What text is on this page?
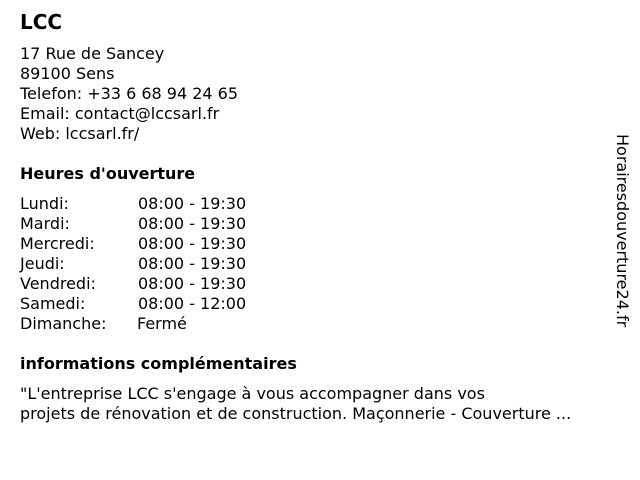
LCC
17 Rue de Sancey
89100 Sens
Telefon: +33 6 68 94 24 65
Email: contact@lccsarl.fr
Web: lccsarl.fr/
Heures d'ouverture
Lundi:	08:00 - 19:30
Mardi:	08:00 - 19:30
Mercredi:	08:00 - 19:30
Jeudi:	08:00 - 19:30
Vendredi:	08:00 - 19:30
Samedi:	08:00 - 12:00
Dimanche: Fermé
informations complémentaires
"L'entreprise LCC s'engage à vous accompagner dans vos
projets de rénovation et de construction. Maçonnerie - Couverture ...
Horairesdouverture24.fr
